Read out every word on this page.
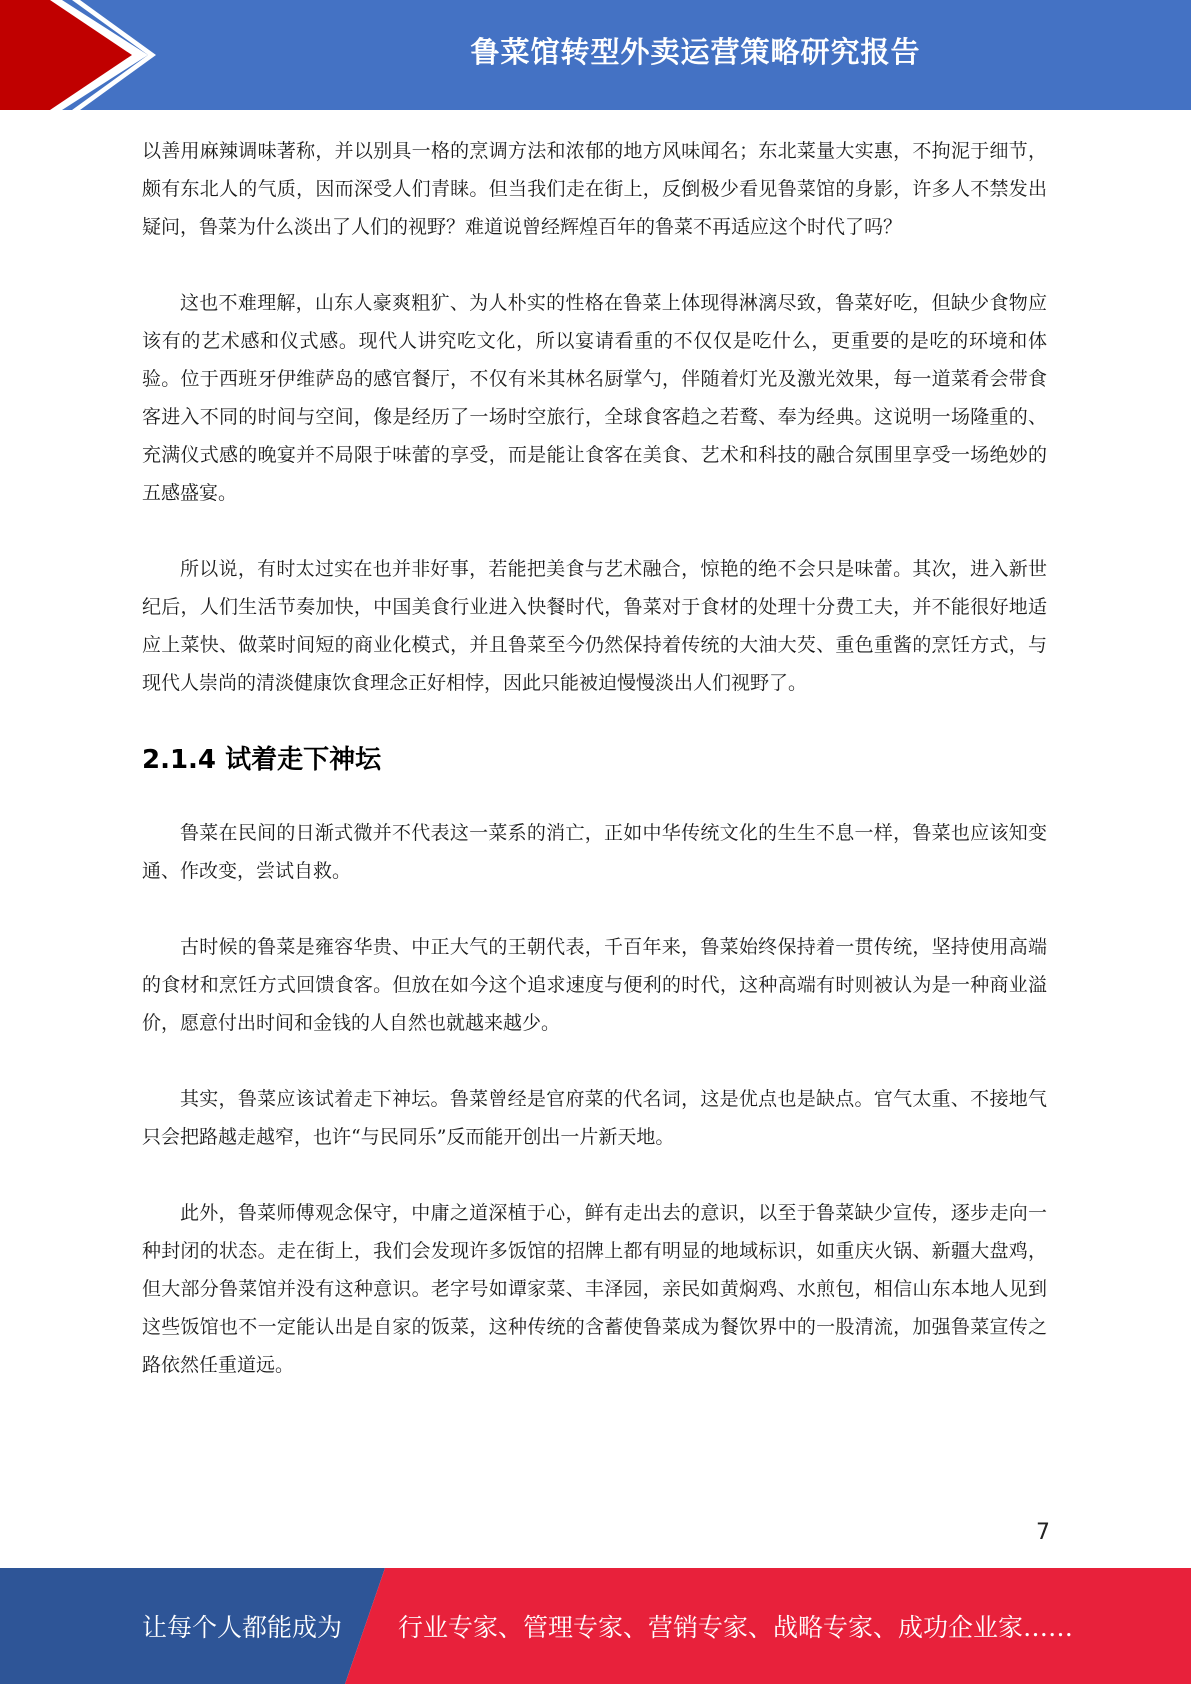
鲁菜馆转型外卖运营策略研究报告

以善用麻辣调味著称，并以别具一格的烹调方法和浓郁的地方风味闻名；东北菜量大实惠，不拘泥于细节，颇有东北人的气质，因而深受人们青睐。但当我们走在街上，反倒极少看见鲁菜馆的身影，许多人不禁发出疑问，鲁菜为什么淡出了人们的视野？难道说曾经辉煌百年的鲁菜不再适应这个时代了吗？

这也不难理解，山东人豪爽粗犷、为人朴实的性格在鲁菜上体现得淋漓尽致，鲁菜好吃，但缺少食物应该有的艺术感和仪式感。现代人讲究吃文化，所以宴请看重的不仅仅是吃什么，更重要的是吃的环境和体验。位于西班牙伊维萨岛的感官餐厅，不仅有米其林名厨掌勺，伴随着灯光及激光效果，每一道菜肴会带食客进入不同的时间与空间，像是经历了一场时空旅行，全球食客趋之若鹜、奉为经典。这说明一场隆重的、充满仪式感的晚宴并不局限于味蕾的享受，而是能让食客在美食、艺术和科技的融合氛围里享受一场绝妙的五感盛宴。

所以说，有时太过实在也并非好事，若能把美食与艺术融合，惊艳的绝不会只是味蕾。其次，进入新世纪后，人们生活节奏加快，中国美食行业进入快餐时代，鲁菜对于食材的处理十分费工夫，并不能很好地适应上菜快、做菜时间短的商业化模式，并且鲁菜至今仍然保持着传统的大油大芡、重色重酱的烹饪方式，与现代人崇尚的清淡健康饮食理念正好相悖，因此只能被迫慢慢淡出人们视野了。

2.1.4 试着走下神坛

鲁菜在民间的日渐式微并不代表这一菜系的消亡，正如中华传统文化的生生不息一样，鲁菜也应该知变通、作改变，尝试自救。

古时候的鲁菜是雍容华贵、中正大气的王朝代表，千百年来，鲁菜始终保持着一贯传统，坚持使用高端的食材和烹饪方式回馈食客。但放在如今这个追求速度与便利的时代，这种高端有时则被认为是一种商业溢价，愿意付出时间和金钱的人自然也就越来越少。

其实，鲁菜应该试着走下神坛。鲁菜曾经是官府菜的代名词，这是优点也是缺点。官气太重、不接地气只会把路越走越窄，也许“与民同乐”反而能开创出一片新天地。

此外，鲁菜师傅观念保守，中庸之道深植于心，鲜有走出去的意识，以至于鲁菜缺少宣传，逐步走向一种封闭的状态。走在街上，我们会发现许多饭馆的招牌上都有明显的地域标识，如重庆火锅、新疆大盘鸡，但大部分鲁菜馆并没有这种意识。老字号如谭家菜、丰泽园，亲民如黄焖鸡、水煎包，相信山东本地人见到这些饭馆也不一定能认出是自家的饭菜，这种传统的含蓄使鲁菜成为餐饮界中的一股清流，加强鲁菜宣传之路依然任重道远。

7
让每个人都能成为 行业专家、管理专家、营销专家、战略专家、成功企业家……
